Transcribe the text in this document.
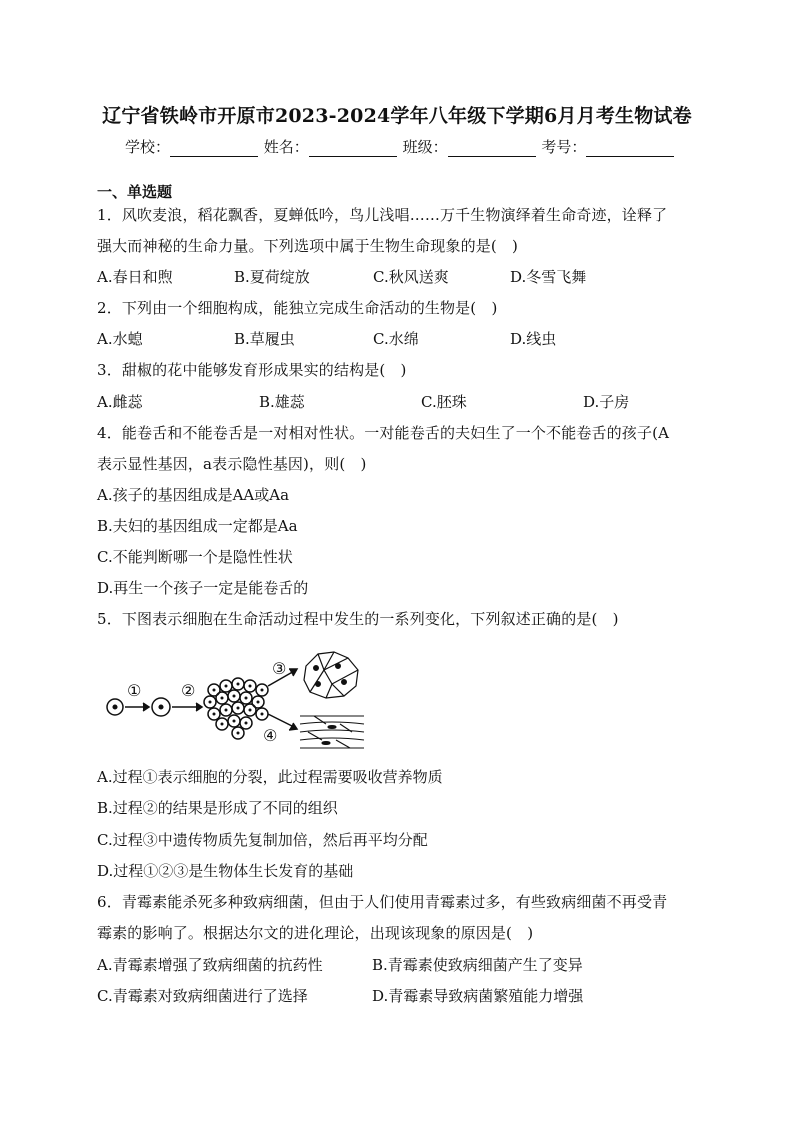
辽宁省铁岭市开原市2023-2024学年八年级下学期6月月考生物试卷
学校：	姓名：	班级：	考号：
一、单选题
1．风吹麦浪，稻花飘香，夏蝉低吟，鸟儿浅唱……万千生物演绎着生命奇迹，诠释了
强大而神秘的生命力量。下列选项中属于生物生命现象的是(　)
A.春日和煦	B.夏荷绽放	C.秋风送爽	D.冬雪飞舞
2．下列由一个细胞构成，能独立完成生命活动的生物是(　)
A.水螅	B.草履虫	C.水绵	D.线虫
3．甜椒的花中能够发育形成果实的结构是(　)
A.雌蕊	B.雄蕊	C.胚珠	D.子房
4．能卷舌和不能卷舌是一对相对性状。一对能卷舌的夫妇生了一个不能卷舌的孩子(A
表示显性基因，a表示隐性基因)，则(　)
A.孩子的基因组成是AA或Aa
B.夫妇的基因组成一定都是Aa
C.不能判断哪一个是隐性性状
D.再生一个孩子一定是能卷舌的
5．下图表示细胞在生命活动过程中发生的一系列变化，下列叙述正确的是(　)
① ②
③
④
A.过程①表示细胞的分裂，此过程需要吸收营养物质
B.过程②的结果是形成了不同的组织
C.过程③中遗传物质先复制加倍，然后再平均分配
D.过程①②③是生物体生长发育的基础
6．青霉素能杀死多种致病细菌，但由于人们使用青霉素过多，有些致病细菌不再受青
霉素的影响了。根据达尔文的进化理论，出现该现象的原因是(　)
A.青霉素增强了致病细菌的抗药性	B.青霉素使致病细菌产生了变异
C.青霉素对致病细菌进行了选择	D.青霉素导致病菌繁殖能力增强
